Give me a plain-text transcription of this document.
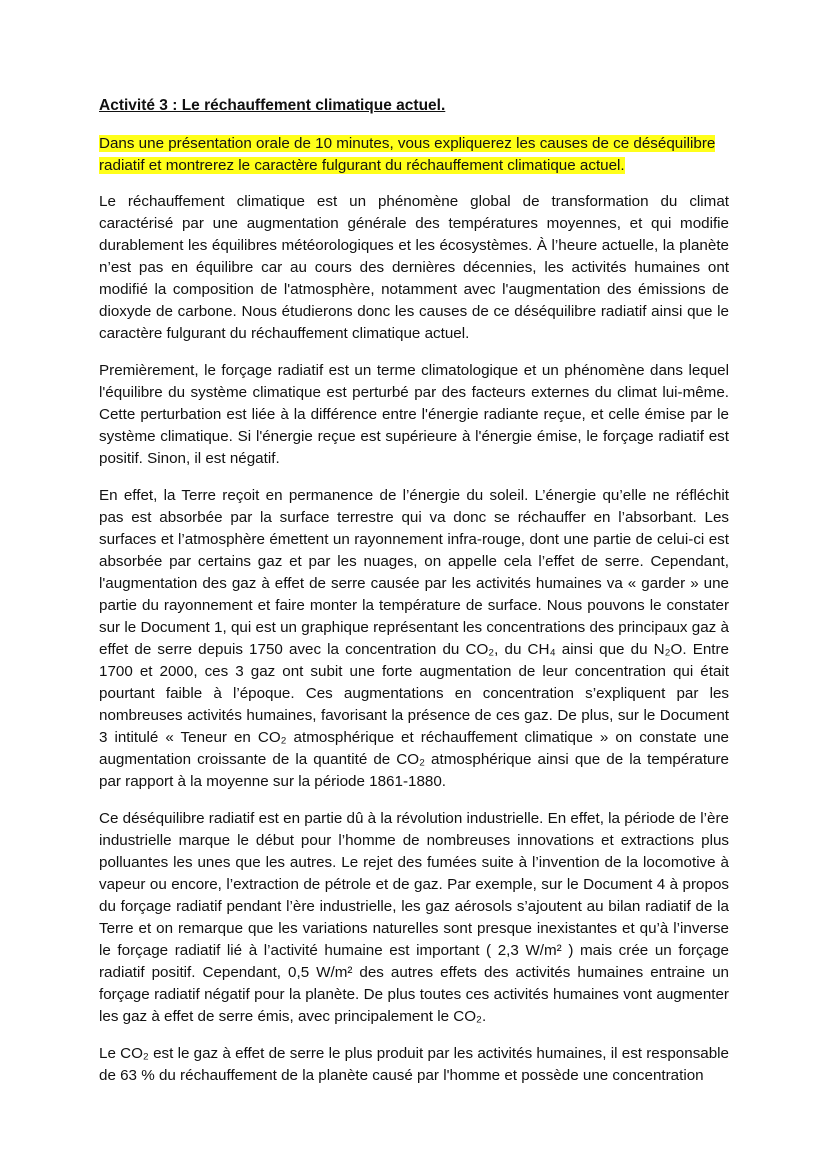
Activité 3 : Le réchauffement climatique actuel.
Dans une présentation orale de 10 minutes, vous expliquerez les causes de ce déséquilibre radiatif et montrerez le caractère fulgurant du réchauffement climatique actuel.

Le réchauffement climatique est un phénomène global de transformation du climat caractérisé par une augmentation générale des températures moyennes, et qui modifie durablement les équilibres météorologiques et les écosystèmes. À l’heure actuelle, la planète n’est pas en équilibre car au cours des dernières décennies, les activités humaines ont modifié la composition de l'atmosphère, notamment avec l'augmentation des émissions de dioxyde de carbone. Nous étudierons donc les causes de ce déséquilibre radiatif ainsi que le caractère fulgurant du réchauffement climatique actuel.

Premièrement, le forçage radiatif est un terme climatologique et un phénomène dans lequel l'équilibre du système climatique est perturbé par des facteurs externes du climat lui-même. Cette perturbation est liée à la différence entre l'énergie radiante reçue, et celle émise par le système climatique. Si l'énergie reçue est supérieure à l'énergie émise, le forçage radiatif est positif. Sinon, il est négatif.

En effet, la Terre reçoit en permanence de l’énergie du soleil. L’énergie qu’elle ne réfléchit pas est absorbée par la surface terrestre qui va donc se réchauffer en l’absorbant. Les surfaces et l’atmosphère émettent un rayonnement infra-rouge, dont une partie de celui-ci est absorbée par certains gaz et par les nuages, on appelle cela l’effet de serre. Cependant, l'augmentation des gaz à effet de serre causée par les activités humaines va « garder » une partie du rayonnement et faire monter la température de surface. Nous pouvons le constater sur le Document 1, qui est un graphique représentant les concentrations des principaux gaz à effet de serre depuis 1750 avec la concentration du CO₂, du CH₄ ainsi que du N₂O. Entre 1700 et 2000, ces 3 gaz ont subit une forte augmentation de leur concentration qui était pourtant faible à l’époque. Ces augmentations en concentration s’expliquent par les nombreuses activités humaines, favorisant la présence de ces gaz. De plus, sur le Document 3 intitulé « Teneur en CO₂ atmosphérique et réchauffement climatique » on constate une augmentation croissante de la quantité de CO₂ atmosphérique ainsi que de la température par rapport à la moyenne sur la période 1861-1880.

Ce déséquilibre radiatif est en partie dû à la révolution industrielle. En effet, la période de l’ère industrielle marque le début pour l’homme de nombreuses innovations et extractions plus polluantes les unes que les autres. Le rejet des fumées suite à l’invention de la locomotive à vapeur ou encore, l’extraction de pétrole et de gaz. Par exemple, sur le Document 4 à propos du forçage radiatif pendant l’ère industrielle, les gaz aérosols s’ajoutent au bilan radiatif de la Terre et on remarque que les variations naturelles sont presque inexistantes et qu’à l’inverse le forçage radiatif lié à l’activité humaine est important ( 2,3 W/m² ) mais crée un forçage radiatif positif. Cependant, 0,5 W/m² des autres effets des activités humaines entraine un forçage radiatif négatif pour la planète. De plus toutes ces activités humaines vont augmenter les gaz à effet de serre émis, avec principalement le CO₂.

Le CO₂ est le gaz à effet de serre le plus produit par les activités humaines, il est responsable de 63 % du réchauffement de la planète causé par l'homme et possède une concentration
